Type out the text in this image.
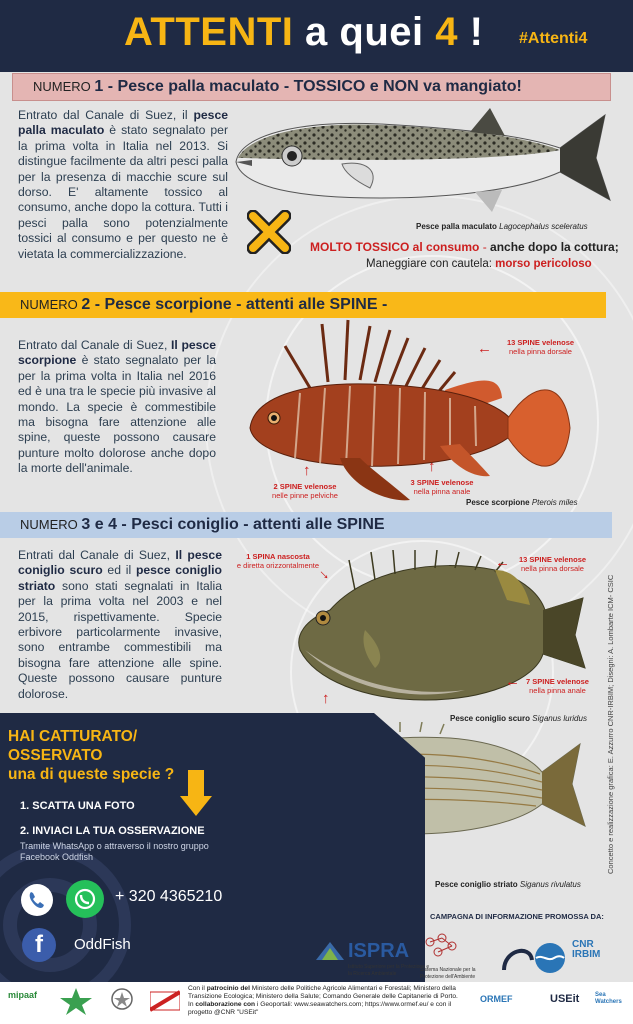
ATTENTI a quei 4 ! #Attenti4
NUMERO 1 - Pesce palla maculato - TOSSICO e NON va mangiato!
Entrato dal Canale di Suez, il pesce palla maculato è stato segnalato per la prima volta in Italia nel 2013. Si distingue facilmente da altri pesci palla per la presenza di macchie scure sul dorso. E' altamente tossico al consumo, anche dopo la cottura. Tutti i pesci palla sono potenzialmente tossici al consumo e per questo ne è vietata la commercializzazione.
Pesce palla maculato Lagocephalus sceleratus
MOLTO TOSSICO al consumo - anche dopo la cottura;
Maneggiare con cautela: morso pericoloso
NUMERO 2 - Pesce scorpione - attenti alle SPINE -
Entrato dal Canale di Suez, Il pesce scorpione è stato segnalato per la per la prima volta in Italia nel 2016 ed è una tra le specie più invasive al mondo. La specie è commestibile ma bisogna fare attenzione alle spine, queste possono causare punture molto dolorose anche dopo la morte dell'animale.
←	13 SPINE velenose
nella pinna dorsale
↑
2 SPINE velenose
nelle pinne pelviche
↑
3 SPINE velenose
nella pinna anale
Pesce scorpione Pterois miles
NUMERO 3 e 4 - Pesci coniglio - attenti alle SPINE
Entrati dal Canale di Suez, Il pesce coniglio scuro ed il pesce coniglio striato sono stati segnalati in Italia per la prima volta nel 2003 e nel 2015, rispettivamente. Specie erbivore particolarmente invasive, sono entrambe commestibili ma bisogna fare attenzione alle spine. Queste possono causare punture dolorose.
1 SPINA nascosta
e diretta orizzontalmente
→	←	13 SPINE velenose
nella pinna dorsale
← 7 SPINE velenose
nella pinna anale
↑

Pesce coniglio scuro Siganus luridus
Pesce coniglio striato Siganus rivulatus
Concetto e realizzazione grafica: E. Azzurro CNR-IRBIM; Disegni: A. Lombarte ICM- CSIC
HAI CATTURATO/
OSSERVATO
una di queste specie ?
1. SCATTA UNA FOTO
2. INVIACI LA TUA OSSERVAZIONE
Tramite WhatsApp o attraverso il nostro gruppo Facebook Oddfish
+ 320 4365210
f OddFish
CAMPAGNA DI INFORMAZIONE PROMOSSA DA:
ISPRA
Istituto Superiore per la Protezione e la Ricerca Ambientale
Sistema Nazionale per la Protezione dell'Ambiente
CNR
IRBIM
mipaaf
Con il patrocinio del Ministero delle Politiche Agricole Alimentari e Forestali; Ministero della Transizione Ecologica; Ministero della Salute; Comando Generale delle Capitanerie di Porto.
In collaborazione con i Geoportali: www.seawatchers.com; https://www.ormef.eu/ e con il progetto @CNR "USEit"
ORMEF	USEit	Sea Watchers
